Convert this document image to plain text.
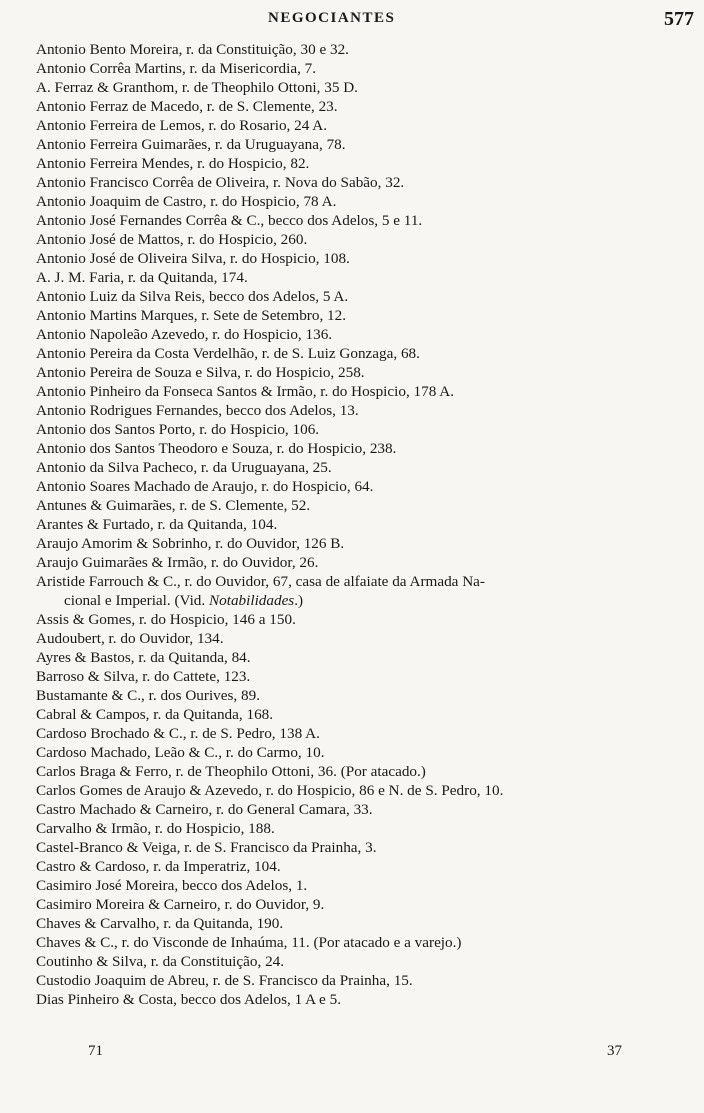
NEGOCIANTES	577
Antonio Bento Moreira, r. da Constituição, 30 e 32.
Antonio Corrêa Martins, r. da Misericordia, 7.
A. Ferraz & Granthom, r. de Theophilo Ottoni, 35 D.
Antonio Ferraz de Macedo, r. de S. Clemente, 23.
Antonio Ferreira de Lemos, r. do Rosario, 24 A.
Antonio Ferreira Guimarães, r. da Uruguayana, 78.
Antonio Ferreira Mendes, r. do Hospicio, 82.
Antonio Francisco Corrêa de Oliveira, r. Nova do Sabão, 32.
Antonio Joaquim de Castro, r. do Hospicio, 78 A.
Antonio José Fernandes Corrêa & C., becco dos Adelos, 5 e 11.
Antonio José de Mattos, r. do Hospicio, 260.
Antonio José de Oliveira Silva, r. do Hospicio, 108.
A. J. M. Faria, r. da Quitanda, 174.
Antonio Luiz da Silva Reis, becco dos Adelos, 5 A.
Antonio Martins Marques, r. Sete de Setembro, 12.
Antonio Napoleão Azevedo, r. do Hospicio, 136.
Antonio Pereira da Costa Verdelhão, r. de S. Luiz Gonzaga, 68.
Antonio Pereira de Souza e Silva, r. do Hospicio, 258.
Antonio Pinheiro da Fonseca Santos & Irmão, r. do Hospicio, 178 A.
Antonio Rodrigues Fernandes, becco dos Adelos, 13.
Antonio dos Santos Porto, r. do Hospicio, 106.
Antonio dos Santos Theodoro e Souza, r. do Hospicio, 238.
Antonio da Silva Pacheco, r. da Uruguayana, 25.
Antonio Soares Machado de Araujo, r. do Hospicio, 64.
Antunes & Guimarães, r. de S. Clemente, 52.
Arantes & Furtado, r. da Quitanda, 104.
Araujo Amorim & Sobrinho, r. do Ouvidor, 126 B.
Araujo Guimarães & Irmão, r. do Ouvidor, 26.
Aristide Farrouch & C., r. do Ouvidor, 67, casa de alfaiate da Armada Na-
cional e Imperial. (Vid. Notabilidades.)
Assis & Gomes, r. do Hospicio, 146 a 150.
Audoubert, r. do Ouvidor, 134.
Ayres & Bastos, r. da Quitanda, 84.
Barroso & Silva, r. do Cattete, 123.
Bustamante & C., r. dos Ourives, 89.
Cabral & Campos, r. da Quitanda, 168.
Cardoso Brochado & C., r. de S. Pedro, 138 A.
Cardoso Machado, Leão & C., r. do Carmo, 10.
Carlos Braga & Ferro, r. de Theophilo Ottoni, 36. (Por atacado.)
Carlos Gomes de Araujo & Azevedo, r. do Hospicio, 86 e N. de S. Pedro, 10.
Castro Machado & Carneiro, r. do General Camara, 33.
Carvalho & Irmão, r. do Hospicio, 188.
Castel-Branco & Veiga, r. de S. Francisco da Prainha, 3.
Castro & Cardoso, r. da Imperatriz, 104.
Casimiro José Moreira, becco dos Adelos, 1.
Casimiro Moreira & Carneiro, r. do Ouvidor, 9.
Chaves & Carvalho, r. da Quitanda, 190.
Chaves & C., r. do Visconde de Inhaúma, 11. (Por atacado e a varejo.)
Coutinho & Silva, r. da Constituição, 24.
Custodio Joaquim de Abreu, r. de S. Francisco da Prainha, 15.
Dias Pinheiro & Costa, becco dos Adelos, 1 A e 5.
71	37
